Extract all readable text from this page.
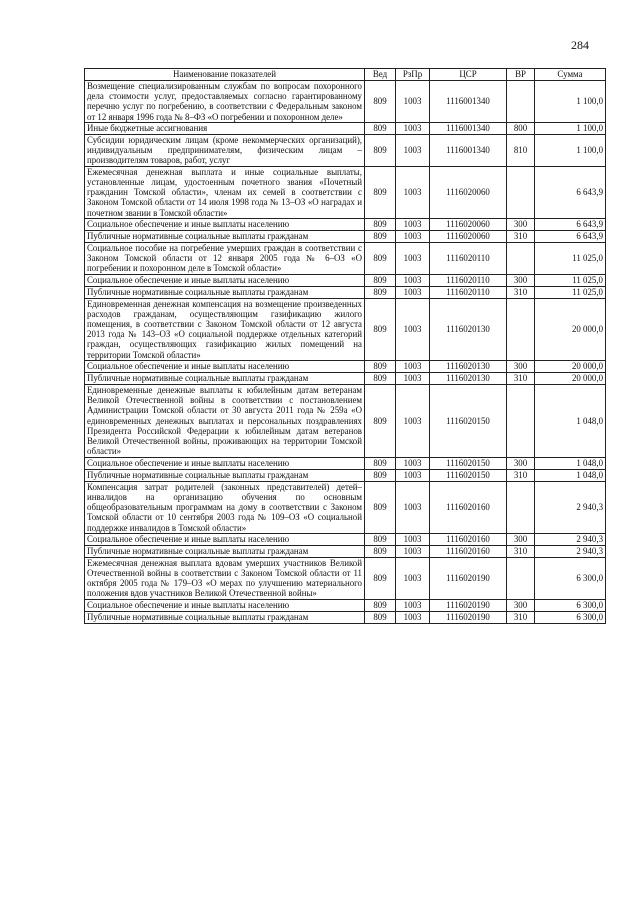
284
Наименование показателей	Вед	РзПр	ЦСР	ВР	Сумма
Возмещение специализированным службам по вопросам похоронного дела стоимости услуг, предоставляемых согласно гарантированному перечню услуг по погребению, в соответствии с Федеральным законом от 12 января 1996 года № 8–ФЗ «О погребении и похоронном деле»	809	1003	1116001340		1 100,0
Иные бюджетные ассигнования	809	1003	1116001340	800	1 100,0
Субсидии юридическим лицам (кроме некоммерческих организаций), индивидуальным предпринимателям, физическим лицам – производителям товаров, работ, услуг	809	1003	1116001340	810	1 100,0
Ежемесячная денежная выплата и иные социальные выплаты, установленные лицам, удостоенным почетного звания «Почетный гражданин Томской области», членам их семей в соответствии с Законом Томской области от 14 июля 1998 года № 13–ОЗ «О наградах и почетном звании в Томской области»	809	1003	1116020060		6 643,9
Социальное обеспечение и иные выплаты населению	809	1003	1116020060	300	6 643,9
Публичные нормативные социальные выплаты гражданам	809	1003	1116020060	310	6 643,9
Социальное пособие на погребение умерших граждан в соответствии с Законом Томской области от 12 января 2005 года № 6–ОЗ «О погребении и похоронном деле в Томской области»	809	1003	1116020110		11 025,0
Социальное обеспечение и иные выплаты населению	809	1003	1116020110	300	11 025,0
Публичные нормативные социальные выплаты гражданам	809	1003	1116020110	310	11 025,0
Единовременная денежная компенсация на возмещение произведенных расходов гражданам, осуществляющим газификацию жилого помещения, в соответствии с Законом Томской области от 12 августа 2013 года № 143–ОЗ «О социальной поддержке отдельных категорий граждан, осуществляющих газификацию жилых помещений на территории Томской области»	809	1003	1116020130		20 000,0
Социальное обеспечение и иные выплаты населению	809	1003	1116020130	300	20 000,0
Публичные нормативные социальные выплаты гражданам	809	1003	1116020130	310	20 000,0
Единовременные денежные выплаты к юбилейным датам ветеранам Великой Отечественной войны в соответствии с постановлением Администрации Томской области от 30 августа 2011 года № 259а «О единовременных денежных выплатах и персональных поздравлениях Президента Российской Федерации к юбилейным датам ветеранов Великой Отечественной войны, проживающих на территории Томской области»	809	1003	1116020150		1 048,0
Социальное обеспечение и иные выплаты населению	809	1003	1116020150	300	1 048,0
Публичные нормативные социальные выплаты гражданам	809	1003	1116020150	310	1 048,0
Компенсация затрат родителей (законных представителей) детей–инвалидов на организацию обучения по основным общеобразовательным программам на дому в соответствии с Законом Томской области от 10 сентября 2003 года № 109–ОЗ «О социальной поддержке инвалидов в Томской области»	809	1003	1116020160		2 940,3
Социальное обеспечение и иные выплаты населению	809	1003	1116020160	300	2 940,3
Публичные нормативные социальные выплаты гражданам	809	1003	1116020160	310	2 940,3
Ежемесячная денежная выплата вдовам умерших участников Великой Отечественной войны в соответствии с Законом Томской области от 11 октября 2005 года № 179–ОЗ «О мерах по улучшению материального положения вдов участников Великой Отечественной войны»	809	1003	1116020190		6 300,0
Социальное обеспечение и иные выплаты населению	809	1003	1116020190	300	6 300,0
Публичные нормативные социальные выплаты гражданам	809	1003	1116020190	310	6 300,0
